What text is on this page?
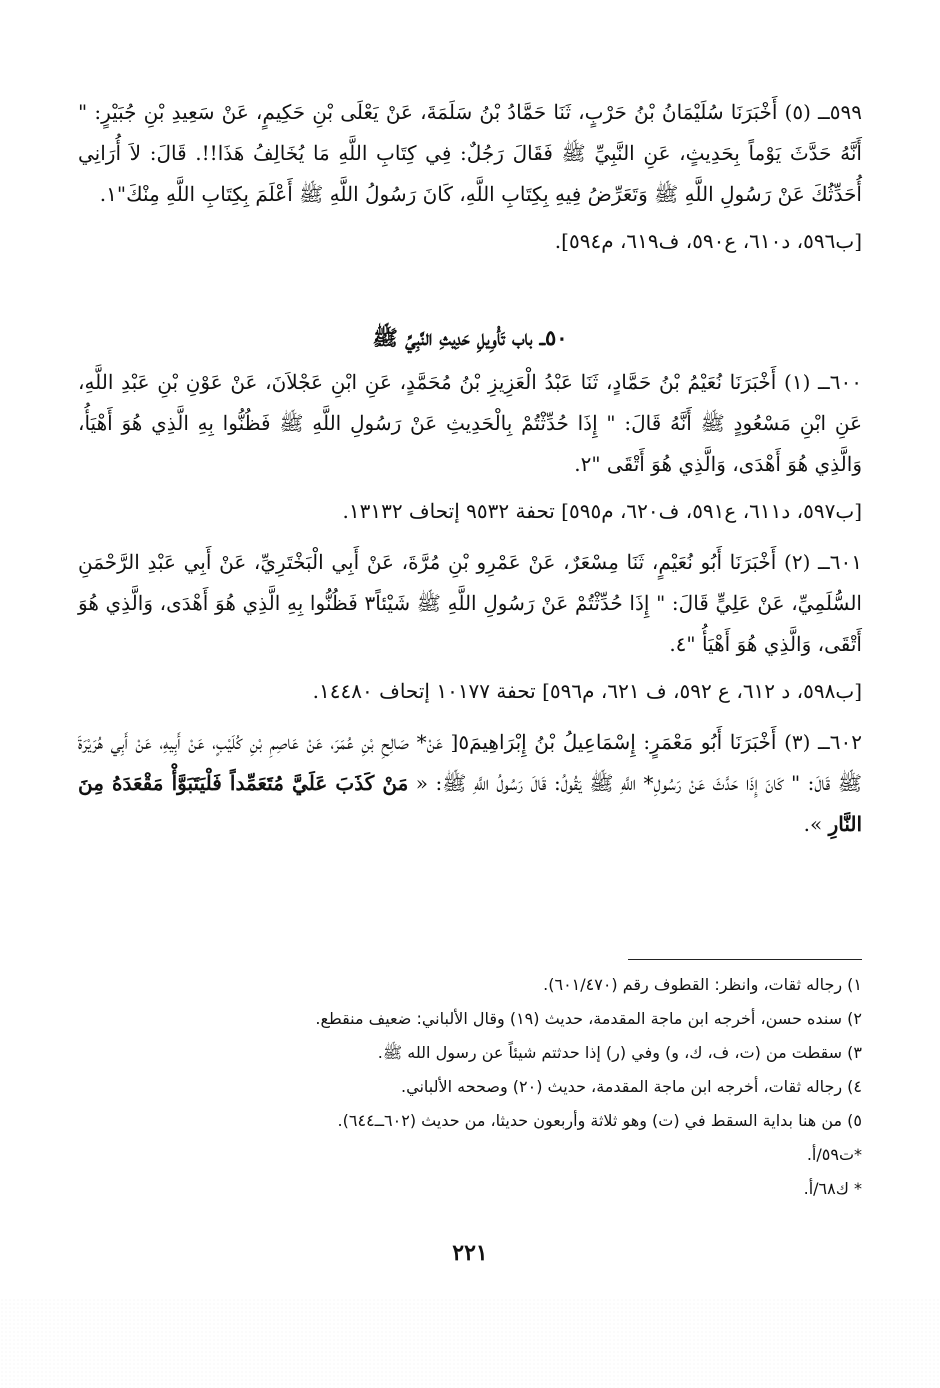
٥٩٩ــ (٥) أَخْبَرَنَا سُلَيْمَانُ بْنُ حَرْبٍ، ثَنَا حَمَّادُ بْنُ سَلَمَةَ، عَنْ يَعْلَى بْنِ حَكِيمٍ، عَنْ سَعِيدِ بْنِ جُبَيْرٍ: " أَنَّهُ حَدَّثَ يَوْماً بِحَدِيثٍ، عَنِ النَّبِيِّ ﷺ فَقَالَ رَجُلٌ: فِي كِتَابِ اللَّهِ مَا يُخَالِفُ هَذَا!!. قَالَ: لاَ أُرَانِي أُحَدِّثُكَ عَنْ رَسُولِ اللَّهِ ﷺ وَتَعَرِّضُ فِيهِ بِكِتَابِ اللَّهِ، كَانَ رَسُولُ اللَّهِ ﷺ أَعْلَمَ بِكِتَابِ اللَّهِ مِنْكَ"١.

[ب٥٩٦، د٦١٠، ع٥٩٠، ف٦١٩، م٥٩٤].

٥٠ــ باب تَأْوِيلِ حَدِيثِ النَّبِيِّ ﷺ

٦٠٠ــ (١) أَخْبَرَنَا نُعَيْمُ بْنُ حَمَّادٍ، ثَنَا عَبْدُ الْعَزِيزِ بْنُ مُحَمَّدٍ، عَنِ ابْنِ عَجْلاَنَ، عَنْ عَوْنِ بْنِ عَبْدِ اللَّهِ، عَنِ ابْنِ مَسْعُودٍ ﷺ أَنَّهُ قَالَ: " إِذَا حُدِّثْتُمْ بِالْحَدِيثِ عَنْ رَسُولِ اللَّهِ ﷺ فَظُنُّوا بِهِ الَّذِي هُوَ أَهْيَأُ، وَالَّذِي هُوَ أَهْدَى، وَالَّذِي هُوَ أَتْقَى "٢.

[ب٥٩٧، د٦١١، ع٥٩١، ف٦٢٠، م٥٩٥] تحفة ٩٥٣٢ إتحاف ١٣١٣٢.

٦٠١ــ (٢) أَخْبَرَنَا أَبُو نُعَيْمٍ، ثَنَا مِسْعَرٌ، عَنْ عَمْرِو بْنِ مُرَّةَ، عَنْ أَبِي الْبَخْتَرِيِّ، عَنْ أَبِي عَبْدِ الرَّحْمَنِ السُّلَمِيِّ، عَنْ عَلِيٍّ قَالَ: " إِذَا حُدِّثْتُمْ عَنْ رَسُولِ اللَّهِ ﷺ شَيْئاً٣ فَظُنُّوا بِهِ الَّذِي هُوَ أَهْدَى، وَالَّذِي هُوَ أَتْقَى، وَالَّذِي هُوَ أَهْيَأُ "٤.

[ب٥٩٨، د ٦١٢، ع ٥٩٢، ف ٦٢١، م٥٩٦] تحفة ١٠١٧٧ إتحاف ١٤٤٨٠.

٦٠٢ــ (٣) أَخْبَرَنَا أَبُو مَعْمَرٍ: إِسْمَاعِيلُ بْنُ إِبْرَاهِيمَ٥[ عَنْ* صَالِحِ بْنِ عُمَرَ، عَنْ عَاصِمِ بْنِ كُلَيْبٍ، عَنْ أَبِيهِ، عَنْ أَبِي هُرَيْرَةَ ﷺ قَالَ: " كَانَ إِذَا حَدَّثَ عَنْ رَسُولِ* اللَّهِ ﷺ يَقُولُ: قَالَ رَسُولُ اللَّهِ ﷺ: « مَنْ كَذَبَ عَلَيَّ مُتَعَمِّداً فَلْيَتَبَوَّأْ مَقْعَدَهُ مِنَ النَّارِ ».

١) رجاله ثقات، وانظر: القطوف رقم (٦٠١/٤٧٠).

٢) سنده حسن، أخرجه ابن ماجة المقدمة، حديث (١٩) وقال الألباني: ضعيف منقطع.

٣) سقطت من (ت، ف، ك، و) وفي (ر) إذا حدثتم شيئاً عن رسول الله ﷺ.

٤) رجاله ثقات، أخرجه ابن ماجة المقدمة، حديث (٢٠) وصححه الألباني.

٥) من هنا بداية السقط في (ت) وهو ثلاثة وأربعون حديثا، من حديث (٦٠٢ــ٦٤٤).

*ت٥٩/أ.

* ك٦٨/أ.

٢٢١
